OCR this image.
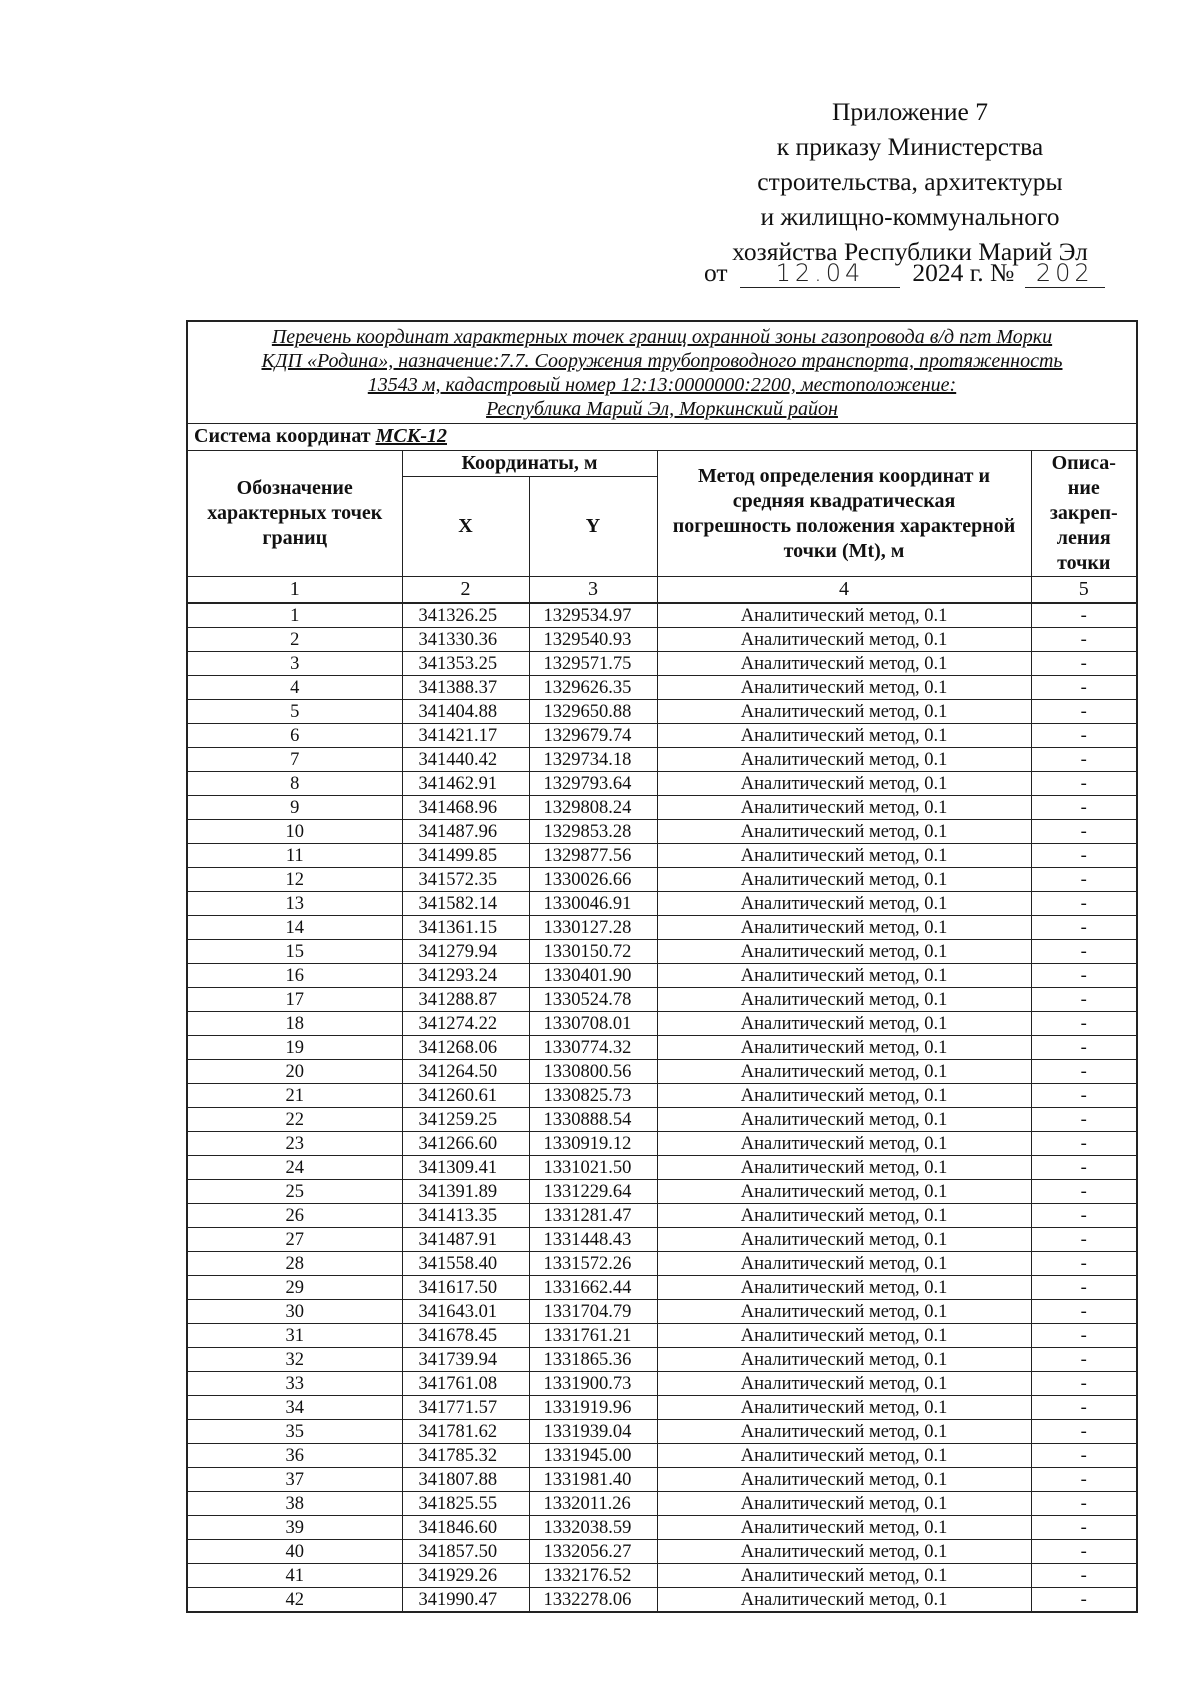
Приложение 7
к приказу Министерства
строительства, архитектуры
и жилищно-коммунального
хозяйства Республики Марий Эл
от 12.04 2024 г. № 202
Перечень координат характерных точек границ охранной зоны газопровода в/д пгт Морки
КДП «Родина», назначение:7.7. Сооружения трубопроводного транспорта, протяженность
13543 м, кадастровый номер 12:13:0000000:2200, местоположение:
Республика Марий Эл, Моркинский район
Система координат МСК-12
Обозначение характерных точек границ	Координаты, м		Метод определения координат и средняя квадратическая погрешность положения характерной точки (Mt), м	Описа-ние закреп-ления точки
	X	Y		
1	2	3	4	5
1	341326.25	1329534.97	Аналитический метод, 0.1	-
2	341330.36	1329540.93	Аналитический метод, 0.1	-
3	341353.25	1329571.75	Аналитический метод, 0.1	-
4	341388.37	1329626.35	Аналитический метод, 0.1	-
5	341404.88	1329650.88	Аналитический метод, 0.1	-
6	341421.17	1329679.74	Аналитический метод, 0.1	-
7	341440.42	1329734.18	Аналитический метод, 0.1	-
8	341462.91	1329793.64	Аналитический метод, 0.1	-
9	341468.96	1329808.24	Аналитический метод, 0.1	-
10	341487.96	1329853.28	Аналитический метод, 0.1	-
11	341499.85	1329877.56	Аналитический метод, 0.1	-
12	341572.35	1330026.66	Аналитический метод, 0.1	-
13	341582.14	1330046.91	Аналитический метод, 0.1	-
14	341361.15	1330127.28	Аналитический метод, 0.1	-
15	341279.94	1330150.72	Аналитический метод, 0.1	-
16	341293.24	1330401.90	Аналитический метод, 0.1	-
17	341288.87	1330524.78	Аналитический метод, 0.1	-
18	341274.22	1330708.01	Аналитический метод, 0.1	-
19	341268.06	1330774.32	Аналитический метод, 0.1	-
20	341264.50	1330800.56	Аналитический метод, 0.1	-
21	341260.61	1330825.73	Аналитический метод, 0.1	-
22	341259.25	1330888.54	Аналитический метод, 0.1	-
23	341266.60	1330919.12	Аналитический метод, 0.1	-
24	341309.41	1331021.50	Аналитический метод, 0.1	-
25	341391.89	1331229.64	Аналитический метод, 0.1	-
26	341413.35	1331281.47	Аналитический метод, 0.1	-
27	341487.91	1331448.43	Аналитический метод, 0.1	-
28	341558.40	1331572.26	Аналитический метод, 0.1	-
29	341617.50	1331662.44	Аналитический метод, 0.1	-
30	341643.01	1331704.79	Аналитический метод, 0.1	-
31	341678.45	1331761.21	Аналитический метод, 0.1	-
32	341739.94	1331865.36	Аналитический метод, 0.1	-
33	341761.08	1331900.73	Аналитический метод, 0.1	-
34	341771.57	1331919.96	Аналитический метод, 0.1	-
35	341781.62	1331939.04	Аналитический метод, 0.1	-
36	341785.32	1331945.00	Аналитический метод, 0.1	-
37	341807.88	1331981.40	Аналитический метод, 0.1	-
38	341825.55	1332011.26	Аналитический метод, 0.1	-
39	341846.60	1332038.59	Аналитический метод, 0.1	-
40	341857.50	1332056.27	Аналитический метод, 0.1	-
41	341929.26	1332176.52	Аналитический метод, 0.1	-
42	341990.47	1332278.06	Аналитический метод, 0.1	-
